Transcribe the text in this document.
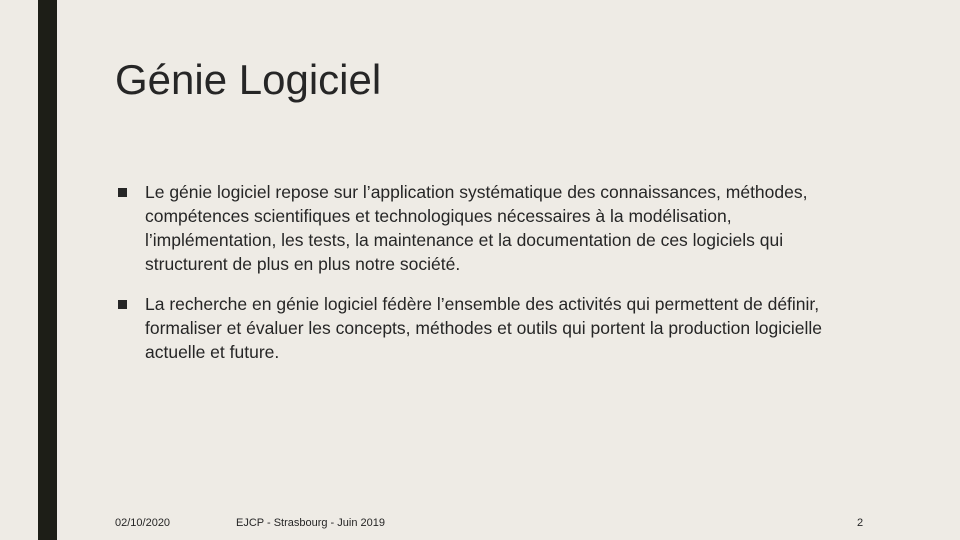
Génie Logiciel
Le génie logiciel repose sur l’application systématique des connaissances, méthodes, compétences scientifiques et technologiques nécessaires à la modélisation, l’implémentation, les tests, la maintenance et la documentation de ces logiciels qui structurent de plus en plus notre société.
La recherche en génie logiciel fédère l’ensemble des activités qui permettent de définir, formaliser et évaluer les concepts, méthodes et outils qui portent la production logicielle actuelle et future.
02/10/2020	EJCP - Strasbourg - Juin 2019	2
